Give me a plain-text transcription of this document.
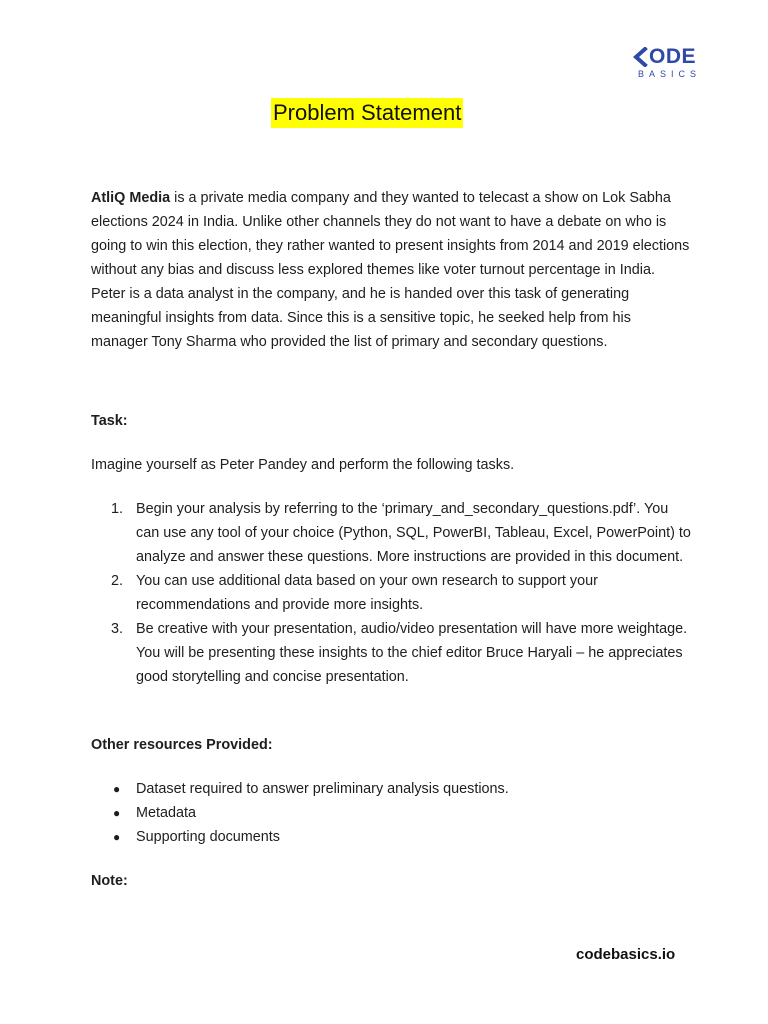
ODE
BASICS
Problem Statement

AtliQ Media is a private media company and they wanted to telecast a show on Lok Sabha elections 2024 in India. Unlike other channels they do not want to have a debate on who is going to win this election, they rather wanted to present insights from 2014 and 2019 elections without any bias and discuss less explored themes like voter turnout percentage in India. Peter is a data analyst in the company, and he is handed over this task of generating meaningful insights from data. Since this is a sensitive topic, he seeked help from his manager Tony Sharma who provided the list of primary and secondary questions.

Task:

Imagine yourself as Peter Pandey and perform the following tasks.

1. Begin your analysis by referring to the ‘primary_and_secondary_questions.pdf’. You can use any tool of your choice (Python, SQL, PowerBI, Tableau, Excel, PowerPoint) to analyze and answer these questions. More instructions are provided in this document.
2. You can use additional data based on your own research to support your recommendations and provide more insights.
3. Be creative with your presentation, audio/video presentation will have more weightage. You will be presenting these insights to the chief editor Bruce Haryali – he appreciates good storytelling and concise presentation.

Other resources Provided:

● Dataset required to answer preliminary analysis questions.
● Metadata
● Supporting documents

Note:

codebasics.io
